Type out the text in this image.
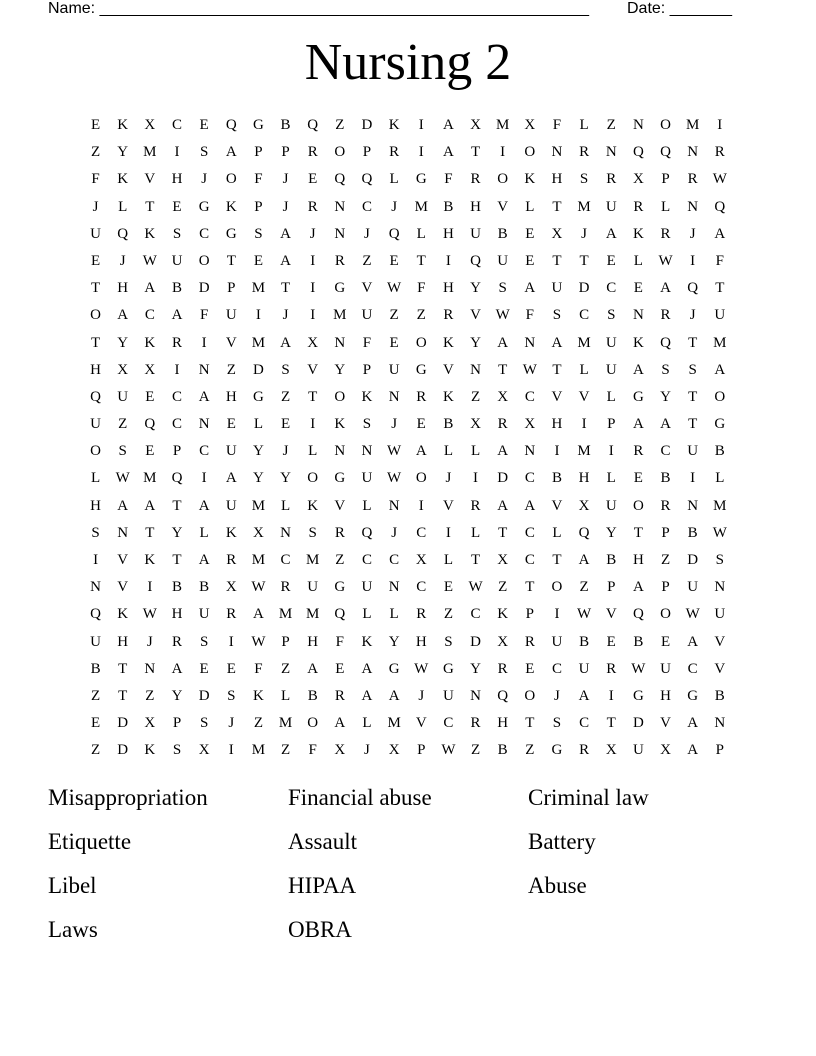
Name: _______________________________________________________ Date: _______
Nursing 2
E	K	X	C	E	Q	G	B	Q	Z	D	K	I	A	X	M	X	F	L	Z	N	O	M	I
Z	Y	M	I	S	A	P	P	R	O	P	R	I	A	T	I	O	N	R	N	Q	Q	N	R
F	K	V	H	J	O	F	J	E	Q	Q	L	G	F	R	O	K	H	S	R	X	P	R	W
J	L	T	E	G	K	P	J	R	N	C	J	M	B	H	V	L	T	M	U	R	L	N	Q
U	Q	K	S	C	G	S	A	J	N	J	Q	L	H	U	B	E	X	J	A	K	R	J	A
E	J	W U	O	T	E	A	I	R	Z	E	T	I	Q	U	E	T	T	E	L	W	I	F
T	H	A	B	D	P	M	T	I	G	V W	F	H	Y	S	A	U	D	C	E	A	Q	T
O	A	C	A	F	U	I	J	I	M	U	Z	Z	R	V W	F	S	C	S	N	R	J	U
T	Y	K	R	I	V	M	A	X	N	F	E	O	K	Y	A	N	A	M	U	K	Q	T	M
H	X	X	I	N	Z	D	S	V	Y	P	U	G	V	N	T	W	T	L	U	A	S	S	A
Q	U	E	C	A	H	G	Z	T	O	K	N	R	K	Z	X	C	V	V	L	G	Y	T	O
U	Z	Q	C	N	E	L	E	I	K	S	J	E	B	X	R	X	H	I	P	A	A	T	G
O	S	E	P	C	U	Y	J	L	N	N W A	L	L	A	N	I	M	I	R	C	U	B
L	W M	Q	I	A	Y	Y	O	G	U W O	J	I	D	C	B	H	L	E	B	I	L
H	A	A	T	A	U	M	L	K	V	L	N	I	V	R	A	A	V	X	U	O	R	N	M
S	N	T	Y	L	K	X	N	S	R	Q	J	C	I	L	T	C	L	Q	Y	T	P	B	W
I	V	K	T	A	R	M	C	M	Z	C	C	X	L	T	X	C	T	A	B	H	Z	D	S
N	V	I	B	B	X W	R	U	G	U	N	C	E	W	Z	T	O	Z	P	A	P	U	N
Q	K W H	U	R	A	M M	Q	L	L	R	Z	C	K	P	I	W V	Q	O W U
U	H	J	R	S	I	W	P	H	F	K	Y	H	S	D	X	R	U	B	E	B	E	A	V
B	T	N	A	E	E	F	Z	A	E	A	G W G	Y	R	E	C	U	R	W U	C	V
Z	T	Z	Y	D	S	K	L	B	R	A	A	J	U	N	Q	O	J	A	I	G	H	G	B
E	D	X	P	S	J	Z	M	O	A	L	M	V	C	R	H	T	S	C	T	D	V	A	N
Z	D	K	S	X	I	M	Z	F	X	J	X	P	W	Z	B	Z	G	R	X	U	X	A	P
Misappropriation	Financial abuse	Criminal law
Etiquette	Assault	Battery
Libel	HIPAA	Abuse
Laws	OBRA
